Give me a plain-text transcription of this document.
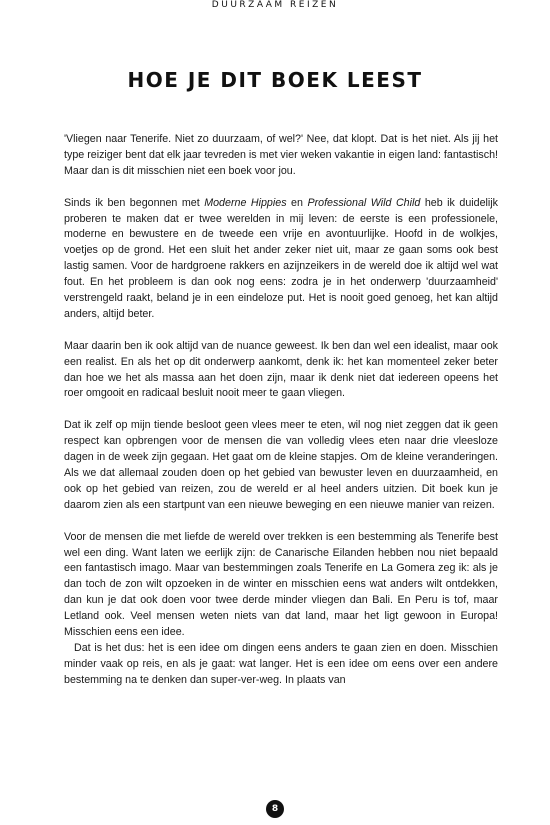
DUURZAAM REIZEN
HOE JE DIT BOEK LEEST

'Vliegen naar Tenerife. Niet zo duurzaam, of wel?' Nee, dat klopt. Dat is het niet. Als jij het type reiziger bent dat elk jaar tevreden is met vier weken vakantie in eigen land: fantastisch! Maar dan is dit misschien niet een boek voor jou.

Sinds ik ben begonnen met Moderne Hippies en Professional Wild Child heb ik duidelijk proberen te maken dat er twee werelden in mij leven: de eerste is een professionele, moderne en bewustere en de tweede een vrije en avontuurlijke. Hoofd in de wolkjes, voetjes op de grond. Het een sluit het ander zeker niet uit, maar ze gaan soms ook best lastig samen. Voor de hardgroene rakkers en azijnzeikers in de wereld doe ik altijd wel wat fout. En het probleem is dan ook nog eens: zodra je in het onderwerp 'duurzaamheid' verstrengeld raakt, beland je in een eindeloze put. Het is nooit goed genoeg, het kan altijd anders, altijd beter.

Maar daarin ben ik ook altijd van de nuance geweest. Ik ben dan wel een idealist, maar ook een realist. En als het op dit onderwerp aankomt, denk ik: het kan momenteel zeker beter dan hoe we het als massa aan het doen zijn, maar ik denk niet dat iedereen opeens het roer omgooit en radicaal besluit nooit meer te gaan vliegen.

Dat ik zelf op mijn tiende besloot geen vlees meer te eten, wil nog niet zeggen dat ik geen respect kan opbrengen voor de mensen die van volledig vlees eten naar drie vleesloze dagen in de week zijn gegaan. Het gaat om de kleine stapjes. Om de kleine veranderingen. Als we dat allemaal zouden doen op het gebied van bewuster leven en duurzaamheid, en ook op het gebied van reizen, zou de wereld er al heel anders uitzien. Dit boek kun je daarom zien als een startpunt van een nieuwe beweging en een nieuwe manier van reizen.

Voor de mensen die met liefde de wereld over trekken is een bestemming als Tenerife best wel een ding. Want laten we eerlijk zijn: de Canarische Eilanden hebben nou niet bepaald een fantastisch imago. Maar van bestemmingen zoals Tenerife en La Gomera zeg ik: als je dan toch de zon wilt opzoeken in de winter en misschien eens wat anders wilt ontdekken, dan kun je dat ook doen voor twee derde minder vliegen dan Bali. En Peru is tof, maar Letland ook. Veel mensen weten niets van dat land, maar het ligt gewoon in Europa! Misschien eens een idee.

Dat is het dus: het is een idee om dingen eens anders te gaan zien en doen. Misschien minder vaak op reis, en als je gaat: wat langer. Het is een idee om eens over een andere bestemming na te denken dan super-ver-weg. In plaats van

8
